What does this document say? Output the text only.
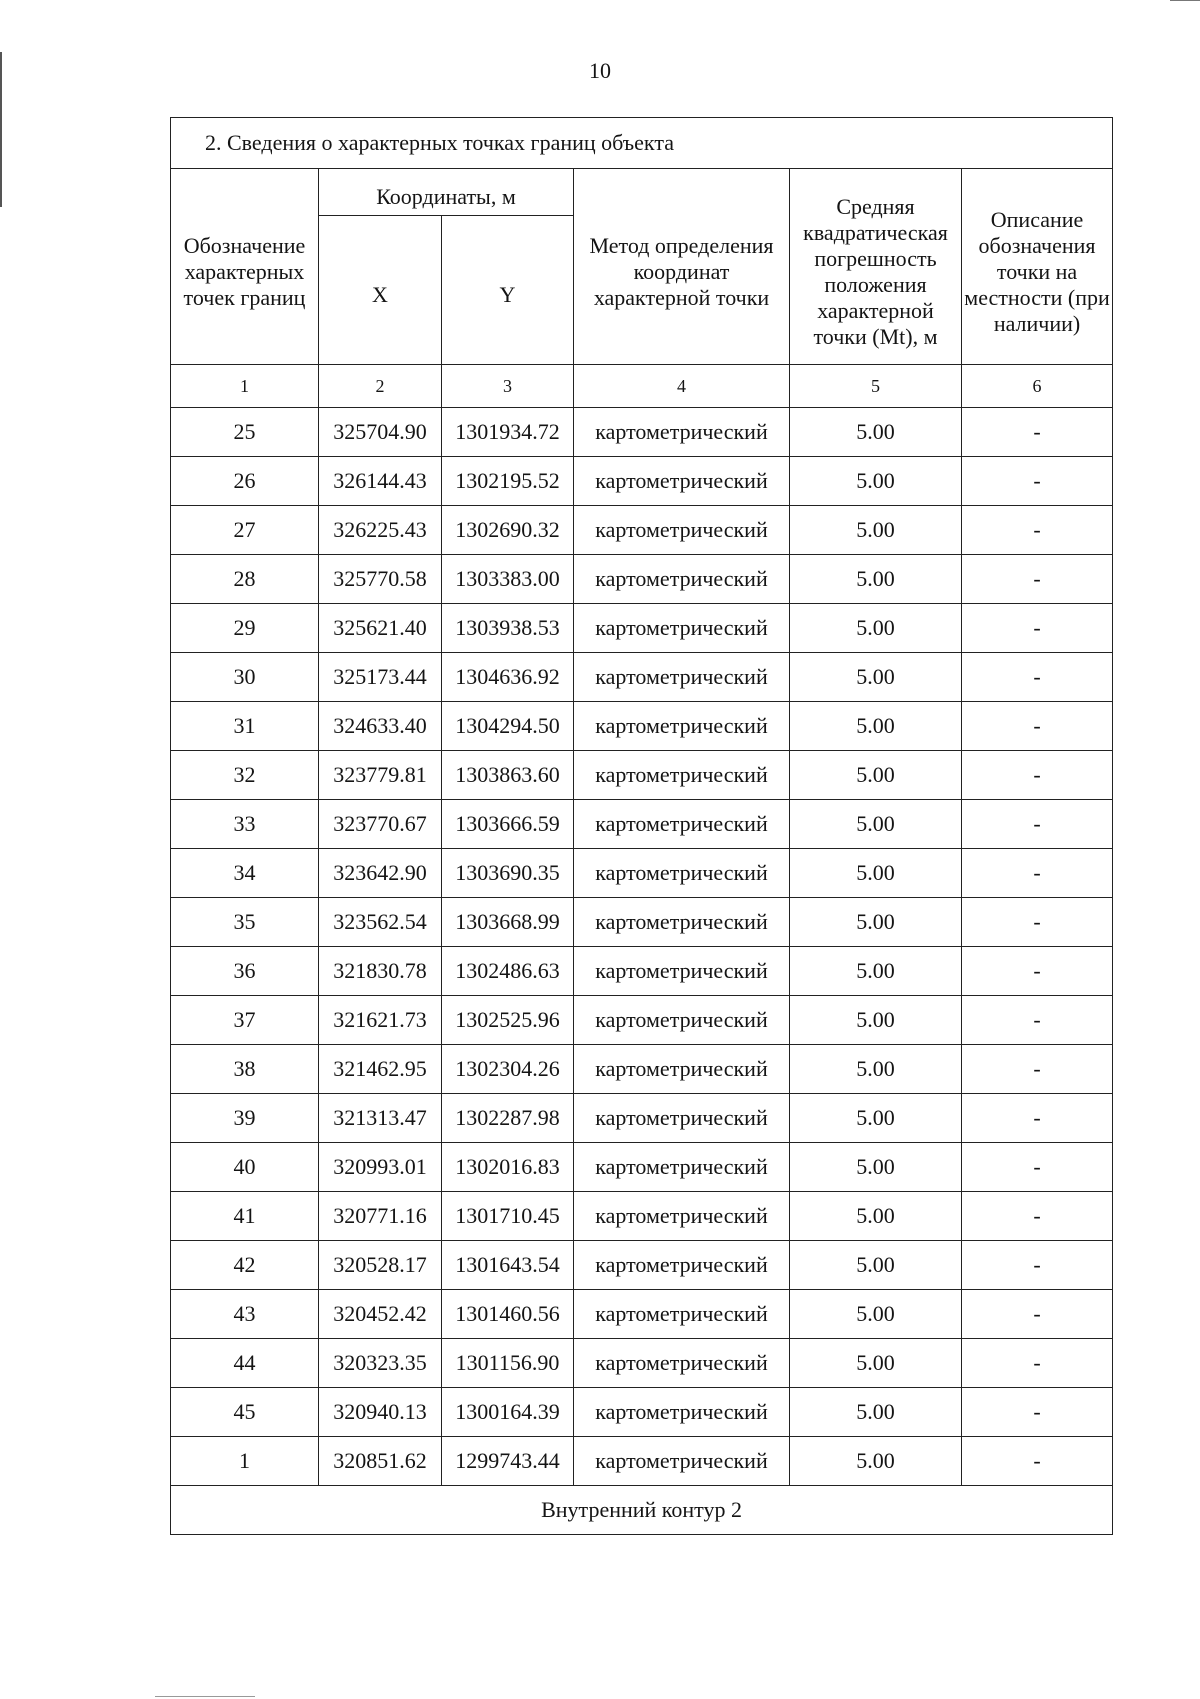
10
2. Сведения о характерных точках границ объекта					
Обозначение характерных точек границ	Координаты, м		Метод определения координат характерной точки	Средняя квадратическая погрешность положения характерной точки (Mt), м	Описание обозначения точки на местности (при наличии)
	X	Y			
1	2	3	4	5	6
25	325704.90	1301934.72	картометрический	5.00	-
26	326144.43	1302195.52	картометрический	5.00	-
27	326225.43	1302690.32	картометрический	5.00	-
28	325770.58	1303383.00	картометрический	5.00	-
29	325621.40	1303938.53	картометрический	5.00	-
30	325173.44	1304636.92	картометрический	5.00	-
31	324633.40	1304294.50	картометрический	5.00	-
32	323779.81	1303863.60	картометрический	5.00	-
33	323770.67	1303666.59	картометрический	5.00	-
34	323642.90	1303690.35	картометрический	5.00	-
35	323562.54	1303668.99	картометрический	5.00	-
36	321830.78	1302486.63	картометрический	5.00	-
37	321621.73	1302525.96	картометрический	5.00	-
38	321462.95	1302304.26	картометрический	5.00	-
39	321313.47	1302287.98	картометрический	5.00	-
40	320993.01	1302016.83	картометрический	5.00	-
41	320771.16	1301710.45	картометрический	5.00	-
42	320528.17	1301643.54	картометрический	5.00	-
43	320452.42	1301460.56	картометрический	5.00	-
44	320323.35	1301156.90	картометрический	5.00	-
45	320940.13	1300164.39	картометрический	5.00	-
1	320851.62	1299743.44	картометрический	5.00	-
Внутренний контур 2					
